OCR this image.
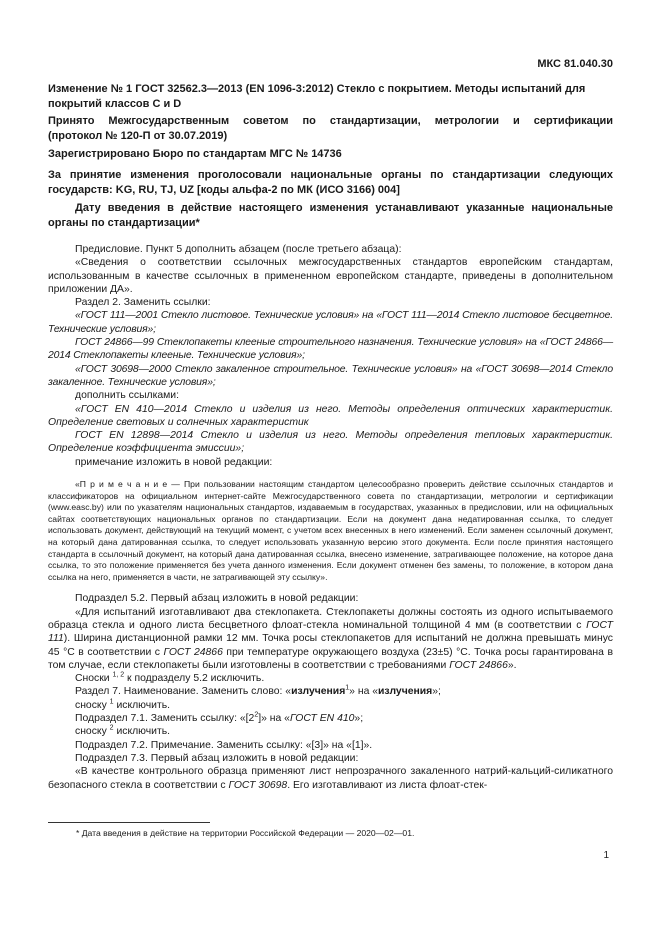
МКС 81.040.30

Изменение № 1 ГОСТ 32562.3—2013 (EN 1096-3:2012) Стекло с покрытием. Методы испытаний для

покрытий классов C и D

Принято Межгосударственным советом по стандартизации, метрологии и сертификации

(протокол № 120-П от 30.07.2019)

Зарегистрировано Бюро по стандартам МГС № 14736

За принятие изменения проголосовали национальные органы по стандартизации следующих

государств: KG, RU, TJ, UZ [коды альфа-2 по МК (ИСО 3166) 004]

Дату введения в действие настоящего изменения устанавливают указанные национальные

органы по стандартизации*

Предисловие. Пункт 5 дополнить абзацем (после третьего абзаца):

«Сведения о соответствии ссылочных межгосударственных стандартов европейским стандартам, использованным в качестве ссылочных в примененном европейском стандарте, приведены в дополнительном приложении ДА».

Раздел 2. Заменить ссылки:

«ГОСТ 111—2001 Стекло листовое. Технические условия» на «ГОСТ 111—2014 Стекло листовое бесцветное. Технические условия»;

ГОСТ 24866—99 Стеклопакеты клееные строительного назначения. Технические условия» на «ГОСТ 24866—2014 Стеклопакеты клееные. Технические условия»;

«ГОСТ 30698—2000 Стекло закаленное строительное. Технические условия» на «ГОСТ 30698—2014 Стекло закаленное. Технические условия»;

дополнить ссылками:

«ГОСТ EN 410—2014 Стекло и изделия из него. Методы определения оптических характеристик. Определение световых и солнечных характеристик

ГОСТ EN 12898—2014 Стекло и изделия из него. Методы определения тепловых характеристик. Определение коэффициента эмиссии»;

примечание изложить в новой редакции:

«П р и м е ч а н и е — При пользовании настоящим стандартом целесообразно проверить действие ссылочных стандартов и классификаторов на официальном интернет-сайте Межгосударственного совета по стандартизации, метрологии и сертификации (www.easc.by) или по указателям национальных стандартов, издаваемым в государствах, указанных в предисловии, или на официальных сайтах соответствующих национальных органов по стандартизации. Если на документ дана недатированная ссылка, то следует использовать документ, действующий на текущий момент, с учетом всех внесенных в него изменений. Если заменен ссылочный документ, на который дана датированная ссылка, то следует использовать указанную версию этого документа. Если после принятия настоящего стандарта в ссылочный документ, на который дана датированная ссылка, внесено изменение, затрагивающее положение, на которое дана ссылка, то это положение применяется без учета данного изменения. Если документ отменен без замены, то положение, в котором дана ссылка на него, применяется в части, не затрагивающей эту ссылку».

Подраздел 5.2. Первый абзац изложить в новой редакции:

«Для испытаний изготавливают два стеклопакета. Стеклопакеты должны состоять из одного испытываемого образца стекла и одного листа бесцветного флоат-стекла номинальной толщиной 4 мм (в соответствии с ГОСТ 111). Ширина дистанционной рамки 12 мм. Точка росы стеклопакетов для испытаний не должна превышать минус 45 °С в соответствии с ГОСТ 24866 при температуре окружающего воздуха (23±5) °С. Точка росы гарантирована в том случае, если стеклопакеты были изготовлены в соответствии с требованиями ГОСТ 24866».

Сноски $^{1, 2}$ к подразделу 5.2 исключить.

Раздел 7. Наименование. Заменить слово: «излучения$^1$» на «излучения»;

сноску $^1$ исключить.

Подраздел 7.1. Заменить ссылку: «$[2^2]$» на «ГОСТ EN 410»;

сноску $^2$ исключить.

Подраздел 7.2. Примечание. Заменить ссылку: «[3]» на «[1]».

Подраздел 7.3. Первый абзац изложить в новой редакции:

«В качестве контрольного образца применяют лист непрозрачного закаленного натрий-кальций-силикатного безопасного стекла в соответствии с ГОСТ 30698. Его изготавливают из листа флоат-стек-

* Дата введения в действие на территории Российской Федерации — 2020—02—01.
1
